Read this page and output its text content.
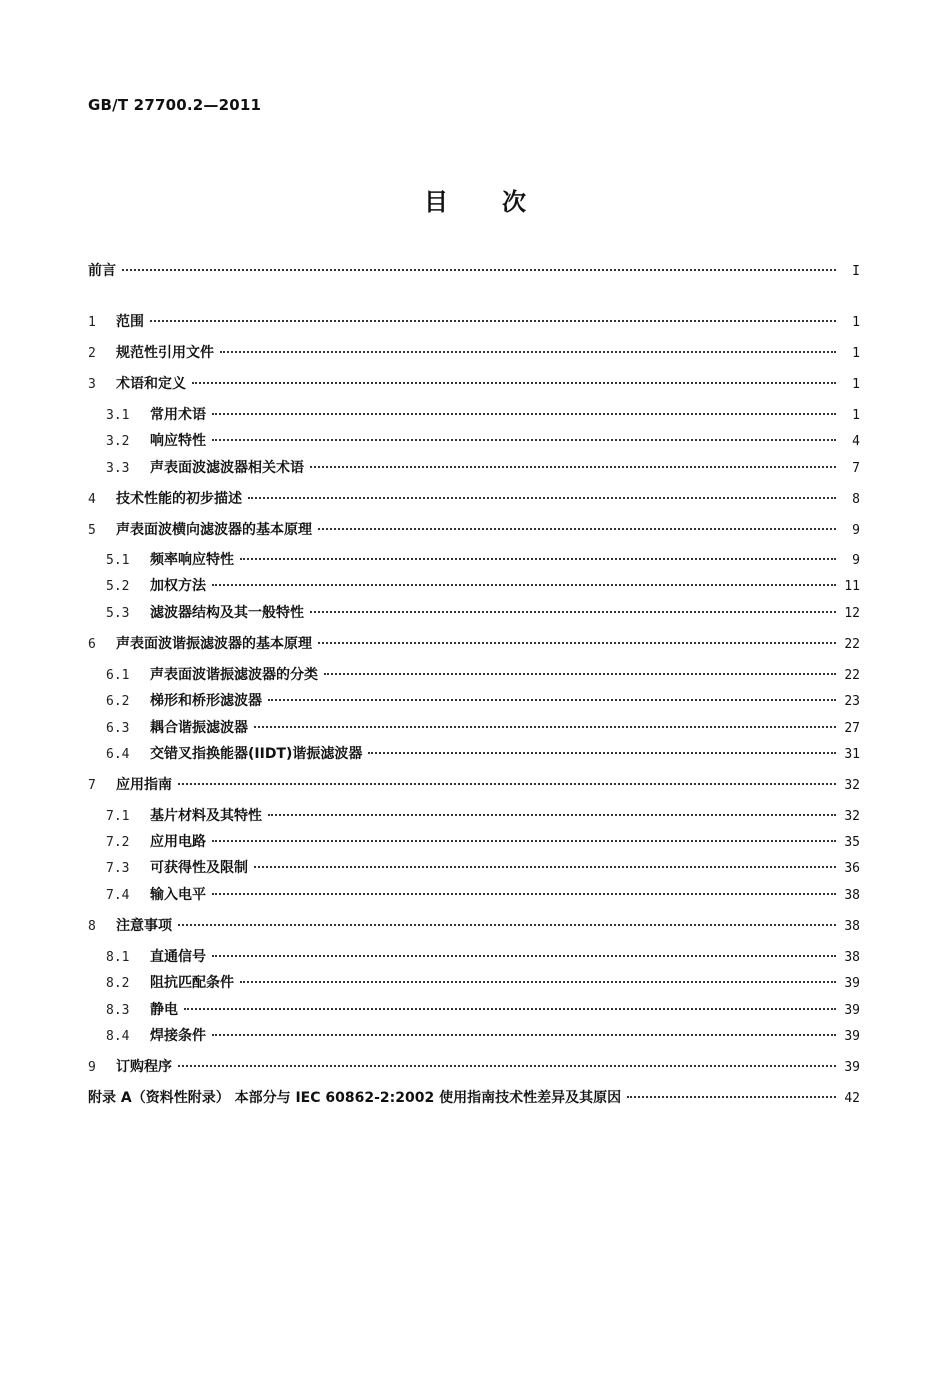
GB/T 27700.2—2011
目 次
前言	I
1	范围	1
2	规范性引用文件	1
3	术语和定义	1
3.1	常用术语	1
3.2	响应特性	4
3.3	声表面波滤波器相关术语	7
4	技术性能的初步描述	8
5	声表面波横向滤波器的基本原理	9
5.1	频率响应特性	9
5.2	加权方法	11
5.3	滤波器结构及其一般特性	12
6	声表面波谐振滤波器的基本原理	22
6.1	声表面波谐振滤波器的分类	22
6.2	梯形和桥形滤波器	23
6.3	耦合谐振滤波器	27
6.4	交错叉指换能器(IIDT)谐振滤波器	31
7	应用指南	32
7.1	基片材料及其特性	32
7.2	应用电路	35
7.3	可获得性及限制	36
7.4	输入电平	38
8	注意事项	38
8.1	直通信号	38
8.2	阻抗匹配条件	39
8.3	静电	39
8.4	焊接条件	39
9	订购程序	39
附录 A（资料性附录） 本部分与 IEC 60862-2:2002 使用指南技术性差异及其原因	42
